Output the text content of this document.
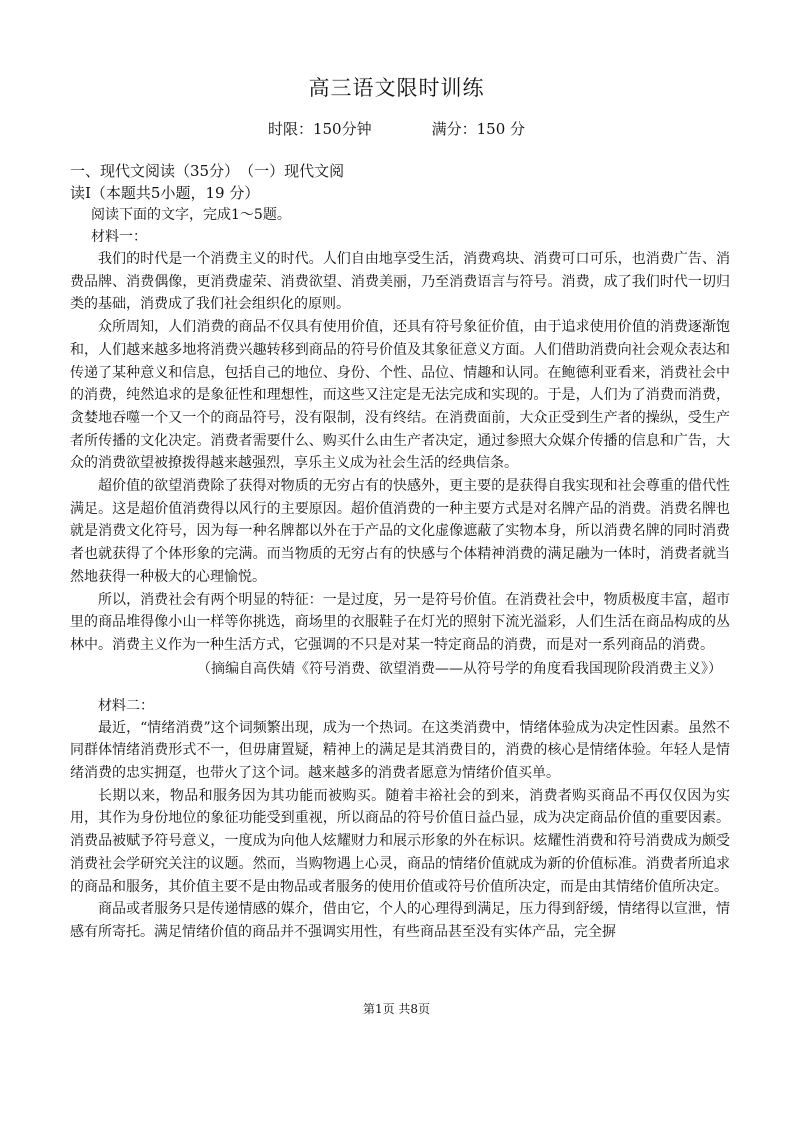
高三语文限时训练
时限：150分钟	满分：150 分
一、现代文阅读（35分）　（一）现代文阅
读Ⅰ（本题共5小题，19 分）
阅读下面的文字，完成1～5题。
材料一：

我们的时代是一个消费主义的时代。人们自由地享受生活，消费鸡块、消费可口可乐，也消费广告、消费品牌、消费偶像，更消费虚荣、消费欲望、消费美丽，乃至消费语言与符号。消费，成了我们时代一切归类的基础，消费成了我们社会组织化的原则。

众所周知，人们消费的商品不仅具有使用价值，还具有符号象征价值，由于追求使用价值的消费逐渐饱和，人们越来越多地将消费兴趣转移到商品的符号价值及其象征意义方面。人们借助消费向社会观众表达和传递了某种意义和信息，包括自己的地位、身份、个性、品位、情趣和认同。在鲍德利亚看来，消费社会中的消费，纯然追求的是象征性和理想性，而这些又注定是无法完成和实现的。于是，人们为了消费而消费，贪婪地吞噬一个又一个的商品符号，没有限制，没有终结。在消费面前，大众正受到生产者的操纵，受生产者所传播的文化决定。消费者需要什么、购买什么由生产者决定，通过参照大众媒介传播的信息和广告，大众的消费欲望被撩拨得越来越强烈，享乐主义成为社会生活的经典信条。

超价值的欲望消费除了获得对物质的无穷占有的快感外，更主要的是获得自我实现和社会尊重的借代性满足。这是超价值消费得以风行的主要原因。超价值消费的一种主要方式是对名牌产品的消费。消费名牌也就是消费文化符号，因为每一种名牌都以外在于产品的文化虚像遮蔽了实物本身，所以消费名牌的同时消费者也就获得了个体形象的完满。而当物质的无穷占有的快感与个体精神消费的满足融为一体时，消费者就当然地获得一种极大的心理愉悦。

所以，消费社会有两个明显的特征：一是过度，另一是符号价值。在消费社会中，物质极度丰富，超市里的商品堆得像小山一样等你挑选，商场里的衣服鞋子在灯光的照射下流光溢彩，人们生活在商品构成的丛林中。消费主义作为一种生活方式，它强调的不只是对某一特定商品的消费，而是对一系列商品的消费。

（摘编自高佚婧《符号消费、欲望消费——从符号学的角度看我国现阶段消费主义》）
材料二：

最近，“情绪消费”这个词频繁出现，成为一个热词。在这类消费中，情绪体验成为决定性因素。虽然不同群体情绪消费形式不一，但毋庸置疑，精神上的满足是其消费目的，消费的核心是情绪体验。年轻人是情绪消费的忠实拥趸，也带火了这个词。越来越多的消费者愿意为情绪价值买单。

长期以来，物品和服务因为其功能而被购买。随着丰裕社会的到来，消费者购买商品不再仅仅因为实用，其作为身份地位的象征功能受到重视，所以商品的符号价值日益凸显，成为决定商品价值的重要因素。消费品被赋予符号意义，一度成为向他人炫耀财力和展示形象的外在标识。炫耀性消费和符号消费成为颇受消费社会学研究关注的议题。然而，当购物遇上心灵，商品的情绪价值就成为新的价值标准。消费者所追求的商品和服务，其价值主要不是由物品或者服务的使用价值或符号价值所决定，而是由其情绪价值所决定。

商品或者服务只是传递情感的媒介，借由它，个人的心理得到满足，压力得到舒缓，情绪得以宣泄，情感有所寄托。满足情绪价值的商品并不强调实用性，有些商品甚至没有实体产品，完全摒

第1页 共8页
